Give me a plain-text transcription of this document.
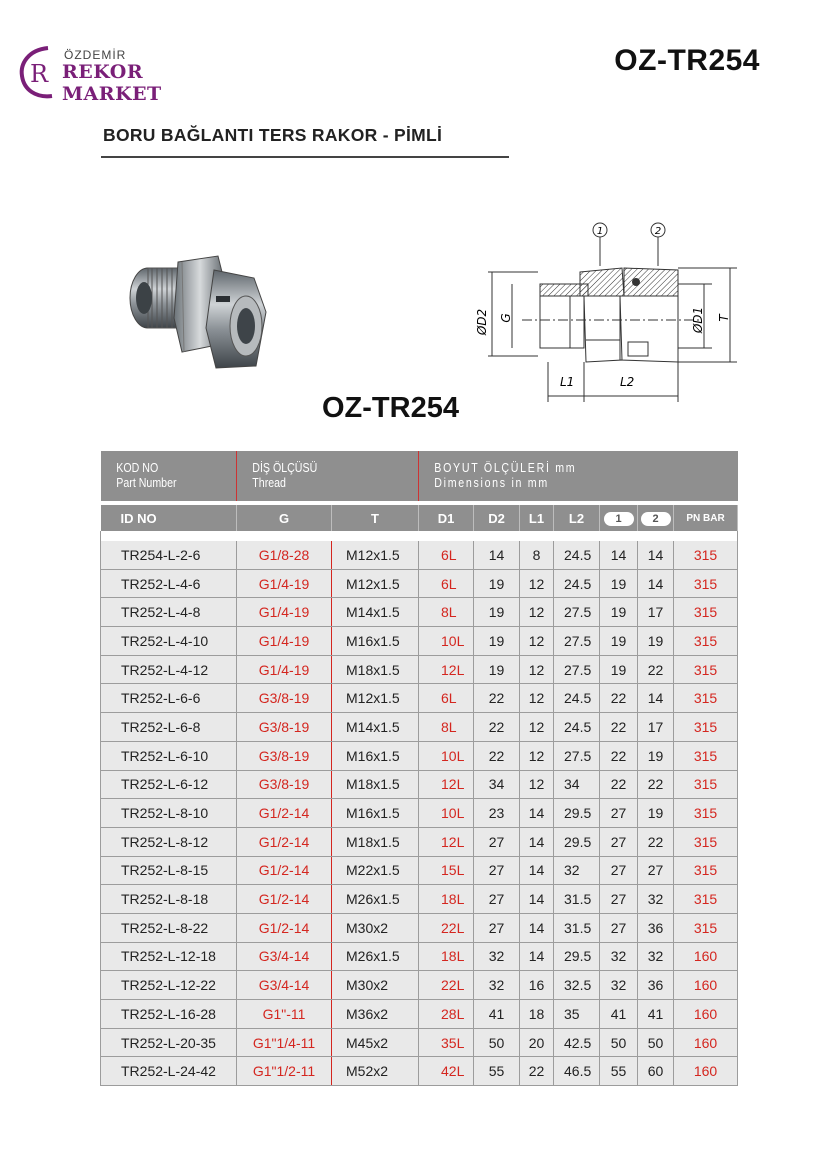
R
ÖZDEMİR
REKOR MARKET
OZ-TR254
BORU BAĞLANTI TERS RAKOR - PİMLİ
1	2
ØD2 G	ØD1 T
L1	L2
OZ-TR254
KOD NO
Part Number	DİŞ ÖLÇÜSÜ
Thread		BOYUT ÖLÇÜLERİ mm
Dimensions in mm						

ID NO	G	T	D1	D2	L1	L2	1	2	PN BAR

TR254-L-2-6	G1/8-28	M12x1.5	6L	14	8	24.5	14	14	315
TR252-L-4-6	G1/4-19	M12x1.5	6L	19	12	24.5	19	14	315
TR252-L-4-8	G1/4-19	M14x1.5	8L	19	12	27.5	19	17	315
TR252-L-4-10	G1/4-19	M16x1.5	10L	19	12	27.5	19	19	315
TR252-L-4-12	G1/4-19	M18x1.5	12L	19	12	27.5	19	22	315
TR252-L-6-6	G3/8-19	M12x1.5	6L	22	12	24.5	22	14	315
TR252-L-6-8	G3/8-19	M14x1.5	8L	22	12	24.5	22	17	315
TR252-L-6-10	G3/8-19	M16x1.5	10L	22	12	27.5	22	19	315
TR252-L-6-12	G3/8-19	M18x1.5	12L	34	12	34	22	22	315
TR252-L-8-10	G1/2-14	M16x1.5	10L	23	14	29.5	27	19	315
TR252-L-8-12	G1/2-14	M18x1.5	12L	27	14	29.5	27	22	315
TR252-L-8-15	G1/2-14	M22x1.5	15L	27	14	32	27	27	315
TR252-L-8-18	G1/2-14	M26x1.5	18L	27	14	31.5	27	32	315
TR252-L-8-22	G1/2-14	M30x2	22L	27	14	31.5	27	36	315
TR252-L-12-18	G3/4-14	M26x1.5	18L	32	14	29.5	32	32	160
TR252-L-12-22	G3/4-14	M30x2	22L	32	16	32.5	32	36	160
TR252-L-16-28	G1"-11	M36x2	28L	41	18	35	41	41	160
TR252-L-20-35	G1"1/4-11	M45x2	35L	50	20	42.5	50	50	160
TR252-L-24-42	G1"1/2-11	M52x2	42L	55	22	46.5	55	60	160
